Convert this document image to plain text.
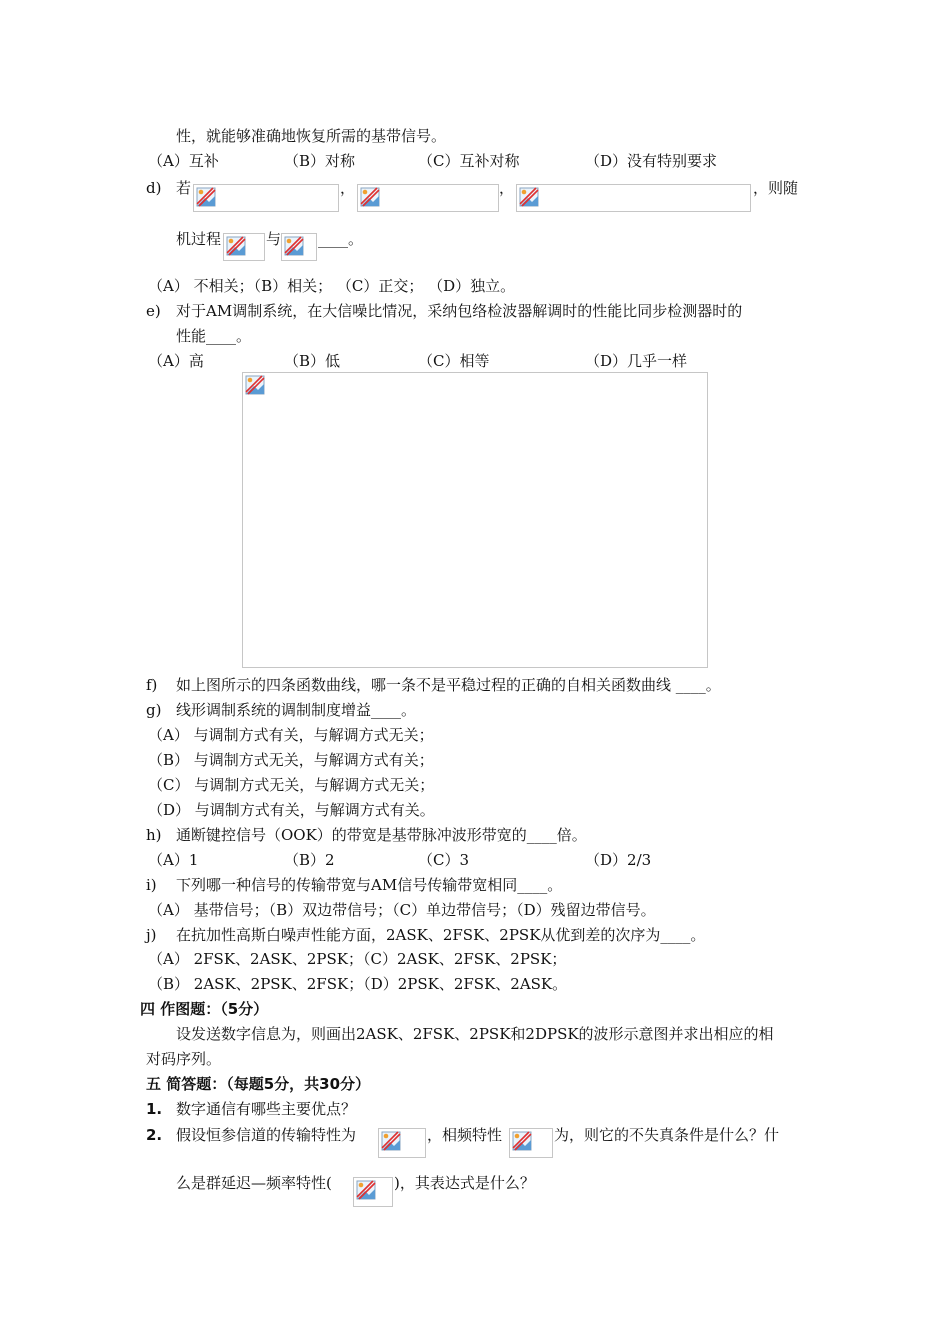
性，就能够准确地恢复所需的基带信号。
（A）互补	（B）对称	（C）互补对称	（D）没有特别要求
d) 若	，	，	，则随
机过程	与 ____。
（A） 不相关；（B）相关； （C）正交； （D）独立。
e) 对于AM调制系统，在大信噪比情况，采纳包络检波器解调时的性能比同步检测器时的
性能____。
（A）高	（B）低	（C）相等	（D）几乎一样
f) 如上图所示的四条函数曲线，哪一条不是平稳过程的正确的自相关函数曲线 ____。
g) 线形调制系统的调制制度增益____。
（A） 与调制方式有关，与解调方式无关；
（B） 与调制方式无关，与解调方式有关；
（C） 与调制方式无关，与解调方式无关；
（D） 与调制方式有关，与解调方式有关。
h) 通断键控信号（OOK）的带宽是基带脉冲波形带宽的____倍。
（A）1	（B）2	（C）3	（D）2/3
i) 下列哪一种信号的传输带宽与AM信号传输带宽相同____。
（A） 基带信号；（B）双边带信号；（C）单边带信号；（D）残留边带信号。
j) 在抗加性高斯白噪声性能方面，2ASK、2FSK、2PSK从优到差的次序为____。
（A） 2FSK、2ASK、2PSK；（C）2ASK、2FSK、2PSK；
（B） 2ASK、2PSK、2FSK；（D）2PSK、2FSK、2ASK。
四 作图题：（5分）
设发送数字信息为，则画出2ASK、2FSK、2PSK和2DPSK的波形示意图并求出相应的相
对码序列。
五 简答题：（每题5分，共30分）
1. 数字通信有哪些主要优点？
2. 假设恒参信道的传输特性为	，相频特性	为，则它的不失真条件是什么？什
么是群延迟—频率特性(	)，其表达式是什么？
